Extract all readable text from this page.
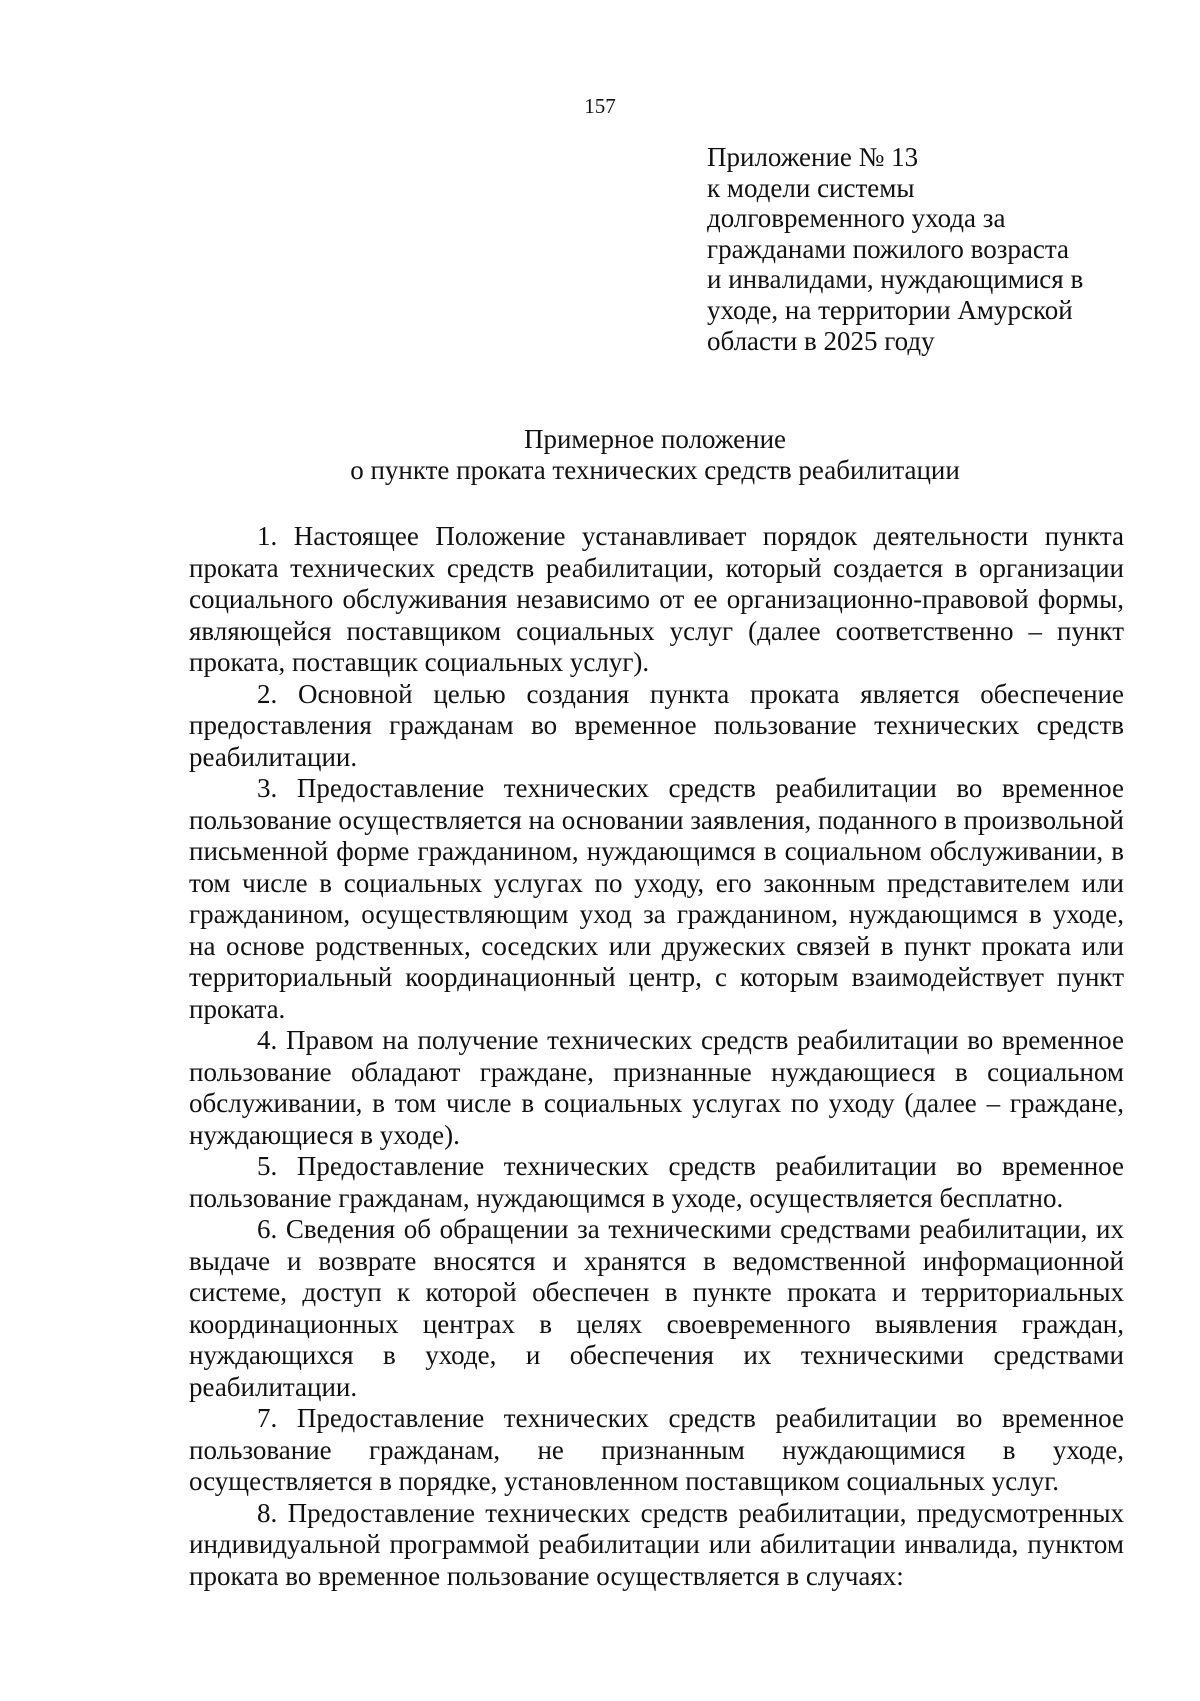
157
Приложение № 13
к модели системы
долговременного ухода за
гражданами пожилого возраста
и инвалидами, нуждающимися в
уходе, на территории Амурской
области в 2025 году
Примерное положение
о пункте проката технических средств реабилитации

1. Настоящее Положение устанавливает порядок деятельности пункта проката технических средств реабилитации, который создается в организации социального обслуживания независимо от ее организационно-правовой формы, являющейся поставщиком социальных услуг (далее соответственно – пункт проката, поставщик социальных услуг).

2. Основной целью создания пункта проката является обеспечение предоставления гражданам во временное пользование технических средств реабилитации.

3. Предоставление технических средств реабилитации во временное пользование осуществляется на основании заявления, поданного в произвольной письменной форме гражданином, нуждающимся в социальном обслуживании, в том числе в социальных услугах по уходу, его законным представителем или гражданином, осуществляющим уход за гражданином, нуждающимся в уходе, на основе родственных, соседских или дружеских связей в пункт проката или территориальный координационный центр, с которым взаимодействует пункт проката.

4. Правом на получение технических средств реабилитации во временное пользование обладают граждане, признанные нуждающиеся в социальном обслуживании, в том числе в социальных услугах по уходу (далее – граждане, нуждающиеся в уходе).

5. Предоставление технических средств реабилитации во временное пользование гражданам, нуждающимся в уходе, осуществляется бесплатно.

6. Сведения об обращении за техническими средствами реабилитации, их выдаче и возврате вносятся и хранятся в ведомственной информационной системе, доступ к которой обеспечен в пункте проката и территориальных координационных центрах в целях своевременного выявления граждан, нуждающихся в уходе, и обеспечения их техническими средствами реабилитации.

7. Предоставление технических средств реабилитации во временное пользование гражданам, не признанным нуждающимися в уходе, осуществляется в порядке, установленном поставщиком социальных услуг.

8. Предоставление технических средств реабилитации, предусмотренных индивидуальной программой реабилитации или абилитации инвалида, пунктом проката во временное пользование осуществляется в случаях:
